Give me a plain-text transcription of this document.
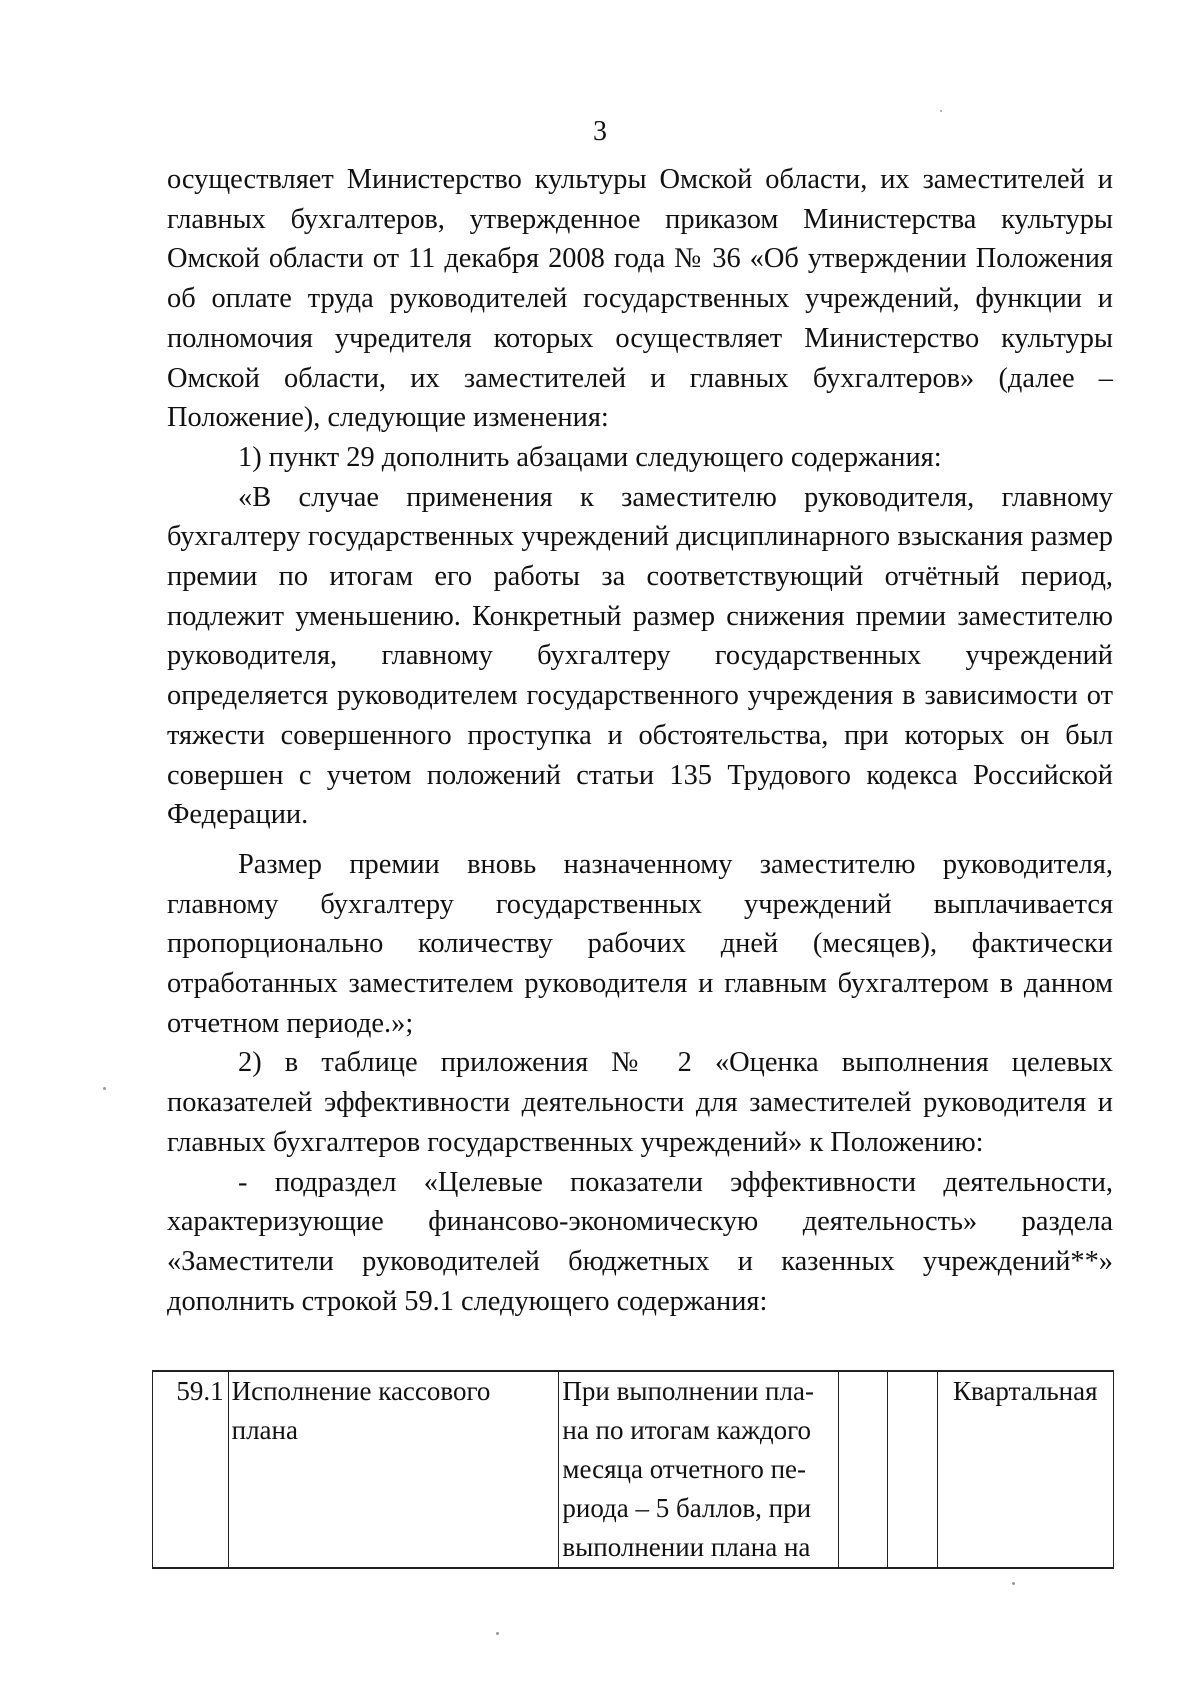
3

осуществляет Министерство культуры Омской области, их заместителей и главных бухгалтеров, утвержденное приказом Министерства культуры Омской области от 11 декабря 2008 года № 36 «Об утверждении Положения об оплате труда руководителей государственных учреждений, функции и полномочия учредителя которых осуществляет Министерство культуры Омской области, их заместителей и главных бухгалтеров» (далее – Положение), следующие изменения:

1) пункт 29 дополнить абзацами следующего содержания:

«В случае применения к заместителю руководителя, главному бухгалтеру государственных учреждений дисциплинарного взыскания размер премии по итогам его работы за соответствующий отчётный период, подлежит уменьшению. Конкретный размер снижения премии заместителю руководителя, главному бухгалтеру государственных учреждений определяется руководителем государственного учреждения в зависимости от тяжести совершенного проступка и обстоятельства, при которых он был совершен с учетом положений статьи 135 Трудового кодекса Российской Федерации.

Размер премии вновь назначенному заместителю руководителя, главному бухгалтеру государственных учреждений выплачивается пропорционально количеству рабочих дней (месяцев), фактически отработанных заместителем руководителя и главным бухгалтером в данном отчетном периоде.»;

2) в таблице приложения № 2 «Оценка выполнения целевых показателей эффективности деятельности для заместителей руководителя и главных бухгалтеров государственных учреждений» к Положению:

- подраздел «Целевые показатели эффективности деятельности, характеризующие финансово-экономическую деятельность» раздела «Заместители руководителей бюджетных и казенных учреждений**» дополнить строкой 59.1 следующего содержания:

59.1	Исполнение кассового плана	При выполнении пла-на по итогам каждого месяца отчетного пе-риода – 5 баллов, при выполнении плана на			Квартальная
